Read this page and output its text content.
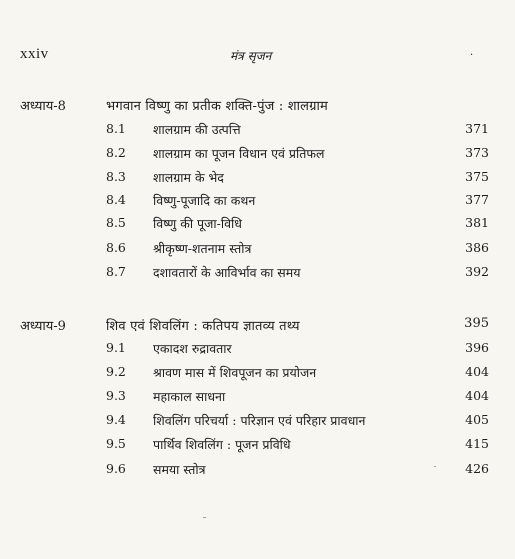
xxiv	मंत्र सृजन	·
अध्याय-8	भगवान विष्णु का प्रतीक शक्ति-पुंज : शालग्राम
8.1 शालग्राम की उत्पत्ति	371
8.2 शालग्राम का पूजन विधान एवं प्रतिफल	373
8.3 शालग्राम के भेद	375
8.4 विष्णु-पूजादि का कथन	377
8.5 विष्णु की पूजा-विधि	381
8.6 श्रीकृष्ण-शतनाम स्तोत्र	386
8.7 दशावतारों के आविर्भाव का समय	392
अध्याय-9	शिव एवं शिवलिंग : कतिपय ज्ञातव्य तथ्य	395
9.1 एकादश रुद्रावतार	396
9.2 श्रावण मास में शिवपूजन का प्रयोजन	404
9.3 महाकाल साधना	404
9.4 शिवलिंग परिचर्या : परिज्ञान एवं परिहार प्रावधान	405
9.5 पार्थिव शिवलिंग : पूजन प्रविधि	415
9.6 समया स्तोत्र	426
